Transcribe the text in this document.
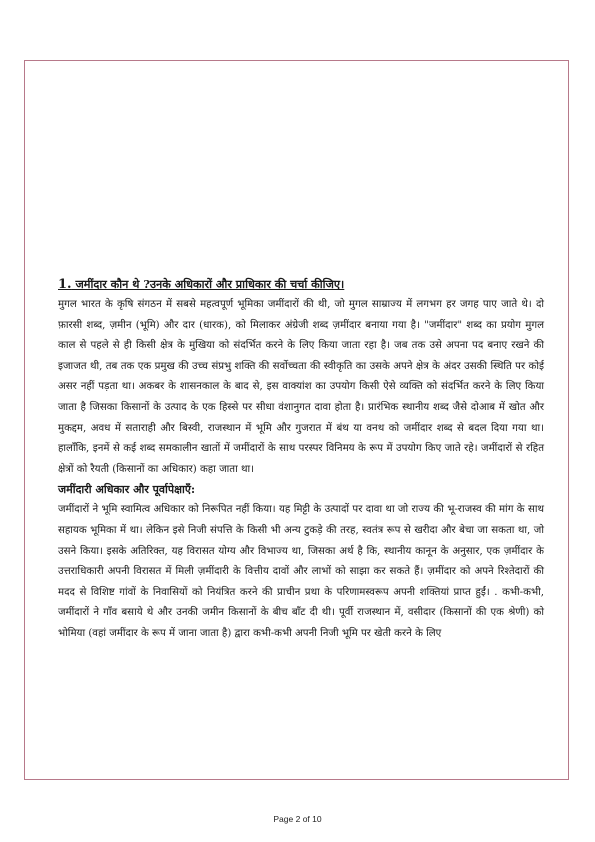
1. जमींदार कौन थे ?उनके अधिकारों और प्राधिकार की चर्चा कीजिए।

मुगल भारत के कृषि संगठन में सबसे महत्वपूर्ण भूमिका जमींदारों की थी, जो मुगल साम्राज्य में लगभग हर जगह पाए जाते थे। दो फ़ारसी शब्द, ज़मीन (भूमि) और दार (धारक), को मिलाकर अंग्रेजी शब्द ज़मींदार बनाया गया है। "जमींदार" शब्द का प्रयोग मुगल काल से पहले से ही किसी क्षेत्र के मुखिया को संदर्भित करने के लिए किया जाता रहा है। जब तक उसे अपना पद बनाए रखने की इजाजत थी, तब तक एक प्रमुख की उच्च संप्रभु शक्ति की सर्वोच्चता की स्वीकृति का उसके अपने क्षेत्र के अंदर उसकी स्थिति पर कोई असर नहीं पड़ता था। अकबर के शासनकाल के बाद से, इस वाक्यांश का उपयोग किसी ऐसे व्यक्ति को संदर्भित करने के लिए किया जाता है जिसका किसानों के उत्पाद के एक हिस्से पर सीधा वंशानुगत दावा होता है। प्रारंभिक स्थानीय शब्द जैसे दोआब में खोत और मुकद्दम, अवध में सताराही और बिस्वी, राजस्थान में भूमि और गुजरात में बंथ या वनथ को जमींदार शब्द से बदल दिया गया था। हालाँकि, इनमें से कई शब्द समकालीन खातों में जमींदारों के साथ परस्पर विनिमय के रूप में उपयोग किए जाते रहे। जमींदारों से रहित क्षेत्रों को रैयती (किसानों का अधिकार) कहा जाता था।

जमींदारी अधिकार और पूर्वापेक्षाएँ:

जमींदारों ने भूमि स्वामित्व अधिकार को निरूपित नहीं किया। यह मिट्टी के उत्पादों पर दावा था जो राज्य की भू-राजस्व की मांग के साथ सहायक भूमिका में था। लेकिन इसे निजी संपत्ति के किसी भी अन्य टुकड़े की तरह, स्वतंत्र रूप से खरीदा और बेचा जा सकता था, जो उसने किया। इसके अतिरिक्त, यह विरासत योग्य और विभाज्य था, जिसका अर्थ है कि, स्थानीय कानून के अनुसार, एक ज़मींदार के उत्तराधिकारी अपनी विरासत में मिली ज़मींदारी के वित्तीय दावों और लाभों को साझा कर सकते हैं। ज़मींदार को अपने रिश्तेदारों की मदद से विशिष्ट गांवों के निवासियों को नियंत्रित करने की प्राचीन प्रथा के परिणामस्वरूप अपनी शक्तियां प्राप्त हुईं। . कभी-कभी, जमींदारों ने गाँव बसाये थे और उनकी जमीन किसानों के बीच बाँट दी थी। पूर्वी राजस्थान में, वसीदार (किसानों की एक श्रेणी) को भोमिया (वहां जमींदार के रूप में जाना जाता है) द्वारा कभी-कभी अपनी निजी भूमि पर खेती करने के लिए

Page 2 of 10
